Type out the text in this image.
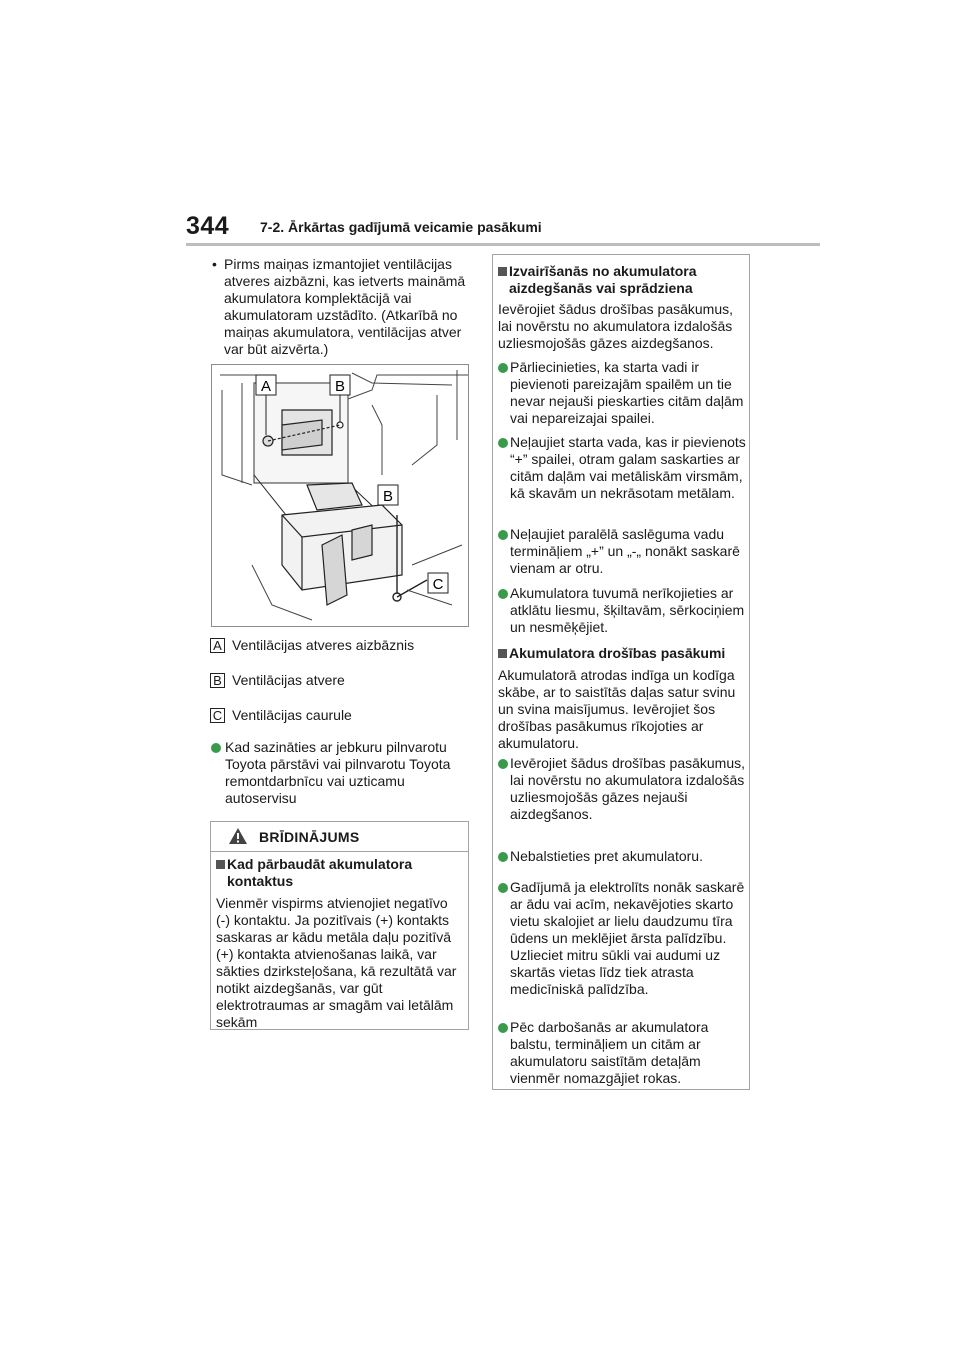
344 7-2. Ārkārtas gadījumā veicamie pasākumi
• Pirms maiņas izmantojiet ventilācijas atveres aizbāzni, kas ietverts maināmā akumulatora komplektācijā vai akumulatoram uzstādīto. (Atkarībā no maiņas akumulatora, ventilācijas atver var būt aizvērta.)

A	B
B
C
A Ventilācijas atveres aizbāznis
B Ventilācijas atvere
C Ventilācijas caurule

Kad sazināties ar jebkuru pilnvarotu Toyota pārstāvi vai pilnvarotu Toyota remontdarbnīcu vai uzticamu autoservisu

BRĪDINĀJUMS

Kad pārbaudāt akumulatora kontaktus

Vienmēr vispirms atvienojiet negatīvo (-) kontaktu. Ja pozitīvais (+) kontakts saskaras ar kādu metāla daļu pozitīvā (+) kontakta atvienošanas laikā, var sākties dzirksteļošana, kā rezultātā var notikt aizdegšanās, var gūt elektrotraumas ar smagām vai letālām sekām

Izvairīšanās no akumulatora aizdegšanās vai sprādziena

Ievērojiet šādus drošības pasākumus, lai novērstu no akumulatora izdalošās uzliesmojošās gāzes aizdegšanos.

Pārliecinieties, ka starta vadi ir pievienoti pareizajām spailēm un tie nevar nejauši pieskarties citām daļām vai nepareizajai spailei.

Neļaujiet starta vada, kas ir pievienots “+” spailei, otram galam saskarties ar citām daļām vai metāliskām virsmām, kā skavām un nekrāsotam metālam.

Neļaujiet paralēlā saslēguma vadu termināļiem „+” un „-„ nonākt saskarē vienam ar otru.

Akumulatora tuvumā nerīkojieties ar atklātu liesmu, šķiltavām, sērkociņiem un nesmēķējiet.

Akumulatora drošības pasākumi

Akumulatorā atrodas indīga un kodīga skābe, ar to saistītās daļas satur svinu un svina maisījumus. Ievērojiet šos drošības pasākumus rīkojoties ar akumulatoru.

Ievērojiet šādus drošības pasākumus, lai novērstu no akumulatora izdalošās uzliesmojošās gāzes nejauši aizdegšanos.

Nebalstieties pret akumulatoru.

Gadījumā ja elektrolīts nonāk saskarē ar ādu vai acīm, nekavējoties skarto vietu skalojiet ar lielu daudzumu tīra ūdens un meklējiet ārsta palīdzību. Uzlieciet mitru sūkli vai audumi uz skartās vietas līdz tiek atrasta medicīniskā palīdzība.

Pēc darbošanās ar akumulatora balstu, termināļiem un citām ar akumulatoru saistītām detaļām vienmēr nomazgājiet rokas.
